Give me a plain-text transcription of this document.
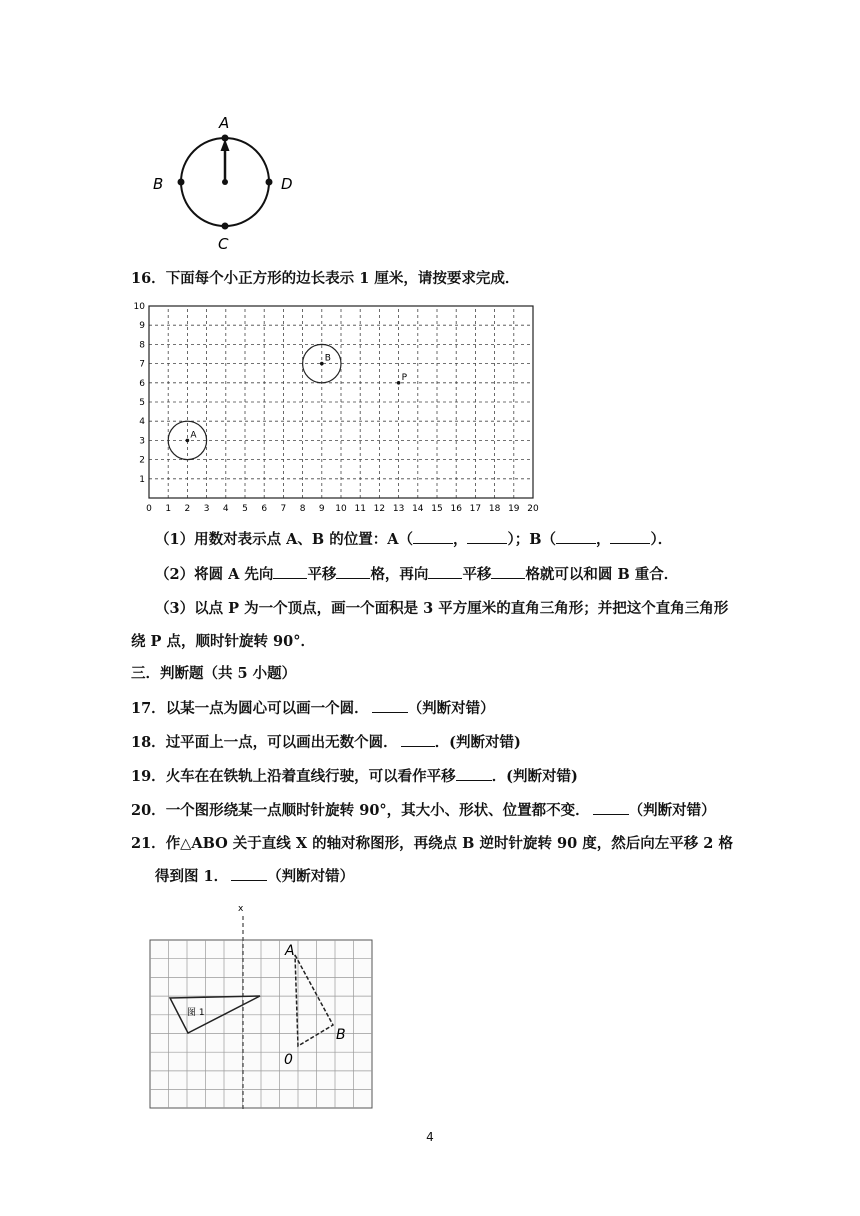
A
B	D
C
16．下面每个小正方形的边长表示 1 厘米，请按要求完成．
0 1 2 3 4 5 6 7 8 9 10 11 12 13 14 15 16 17 18 19 20
1
2
3
4
5
6
7
8
9
10
A
B
P
（1）用数对表示点 A、B 的位置：A（	，	）；B（	，	）．
（2）将圆 A 先向 平移 格，再向 平移 格就可以和圆 B 重合．
（3）以点 P 为一个顶点，画一个面积是 3 平方厘米的直角三角形；并把这个直角三角形
绕 P 点，顺时针旋转 90°．
三．判断题（共 5 小题）
17．以某一点为圆心可以画一个圆．	（判断对错）
18．过平面上一点，可以画出无数个圆．	．(判断对错)
19．火车在在铁轨上沿着直线行驶，可以看作平移 ．(判断对错)
20．一个图形绕某一点顺时针旋转 90°，其大小、形状、位置都不变．	（判断对错）
21．作△ABO 关于直线 X 的轴对称图形，再绕点 B 逆时针旋转 90 度，然后向左平移 2 格
得到图 1．	（判断对错）
x
图 1
A
B
0
4
